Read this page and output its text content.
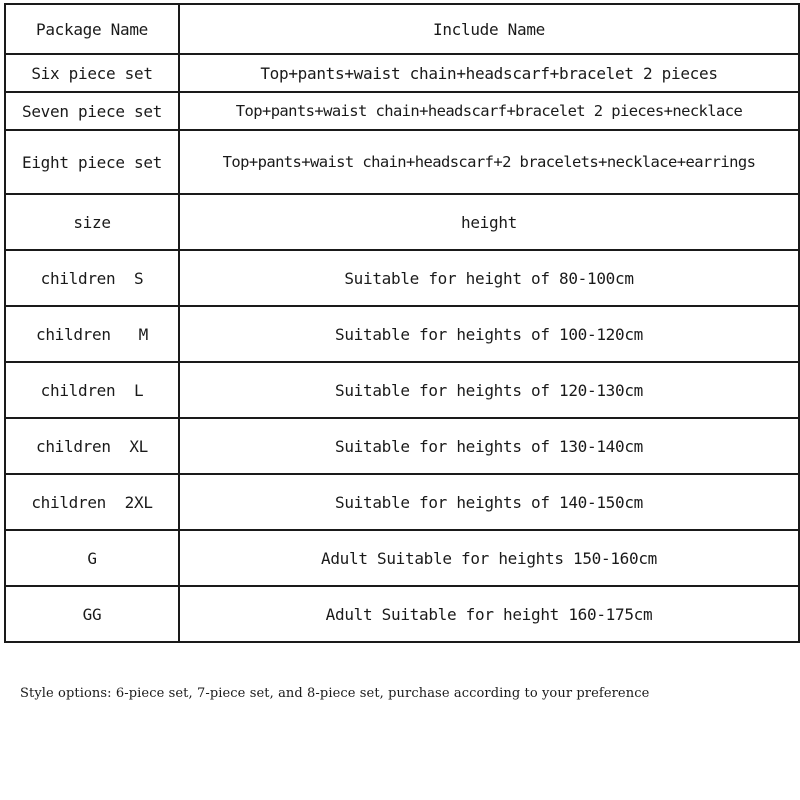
Package Name	Include Name
Six piece set	Top+pants+waist chain+headscarf+bracelet 2 pieces
Seven piece set	Top+pants+waist chain+headscarf+bracelet 2 pieces+necklace
Eight piece set	Top+pants+waist chain+headscarf+2 bracelets+necklace+earrings
size	height
children  S	Suitable for height of 80-100cm
children   M	Suitable for heights of 100-120cm
children  L	Suitable for heights of 120-130cm
children  XL	Suitable for heights of 130-140cm
children  2XL	Suitable for heights of 140-150cm
G	Adult Suitable for heights 150-160cm
GG	Adult Suitable for height 160-175cm
Style options: 6-piece set, 7-piece set, and 8-piece set, purchase according to your preference
